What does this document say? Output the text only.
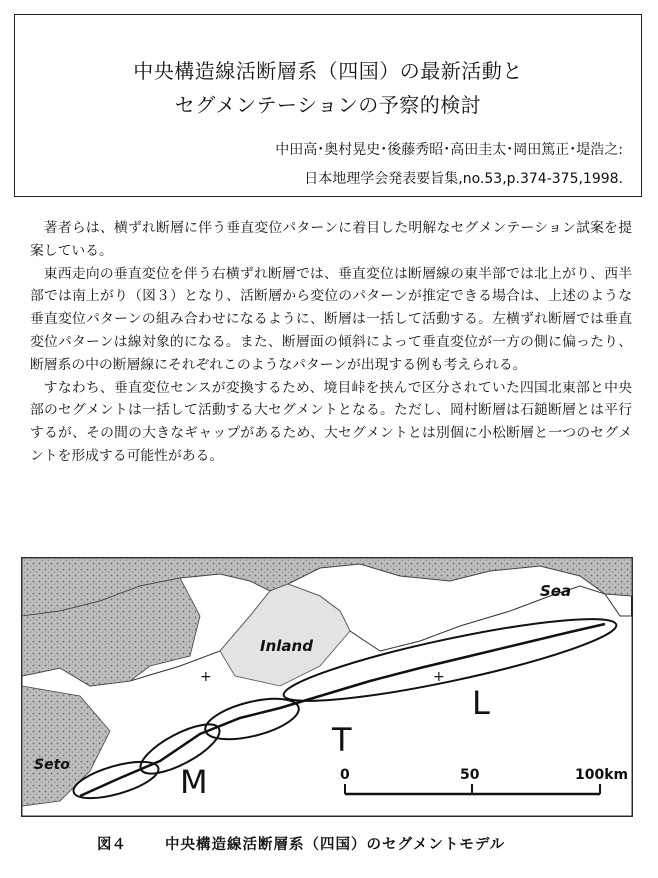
中央構造線活断層系（四国）の最新活動と
セグメンテーションの予察的検討
中田高･奥村晃史･後藤秀昭･高田圭太･岡田篤正･堤浩之:
日本地理学会発表要旨集,no.53,p.374-375,1998.

著者らは、横ずれ断層に伴う垂直変位パターンに着目した明解なセグメンテーション試案を提案している。

東西走向の垂直変位を伴う右横ずれ断層では、垂直変位は断層線の東半部では北上がり、西半部では南上がり（図３）となり、活断層から変位のパターンが推定できる場合は、上述のような垂直変位パターンの組み合わせになるように、断層は一括して活動する。左横ずれ断層では垂直変位パターンは線対象的になる。また、断層面の傾斜によって垂直変位が一方の側に偏ったり、断層系の中の断層線にそれぞれこのようなパターンが出現する例も考えられる。

すなわち、垂直変位センスが変換するため、境目峠を挟んで区分されていた四国北東部と中央部のセグメントは一括して活動する大セグメントとなる。ただし、岡村断層は石鎚断層とは平行するが、その間の大きなギャップがあるため、大セグメントとは別個に小松断層と一つのセグメントを形成する可能性がある。

Sea
Inland
Seto
+	+
L
T
M	0	50	100km
図４	中央構造線活断層系（四国）のセグメントモデル
